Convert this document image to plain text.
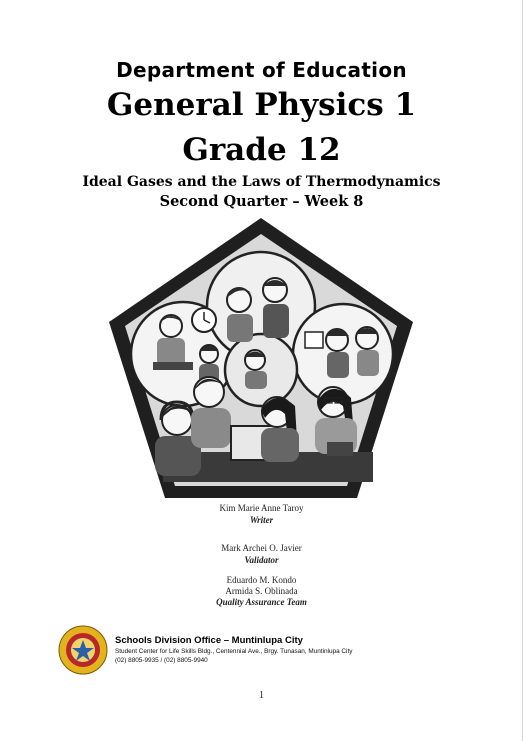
Department of Education
General Physics 1
Grade 12
Ideal Gases and the Laws of Thermodynamics
Second Quarter – Week 8
Kim Marie Anne Taroy
Writer
Mark Archei O. Javier
Validator
Eduardo M. Kondo
Armida S. Oblinada
Quality Assurance Team
Schools Division Office – Muntinlupa City
Student Center for Life Skills Bldg., Centennial Ave., Brgy. Tunasan, Muntinlupa City
(02) 8805-9935 / (02) 8805-9940
1
